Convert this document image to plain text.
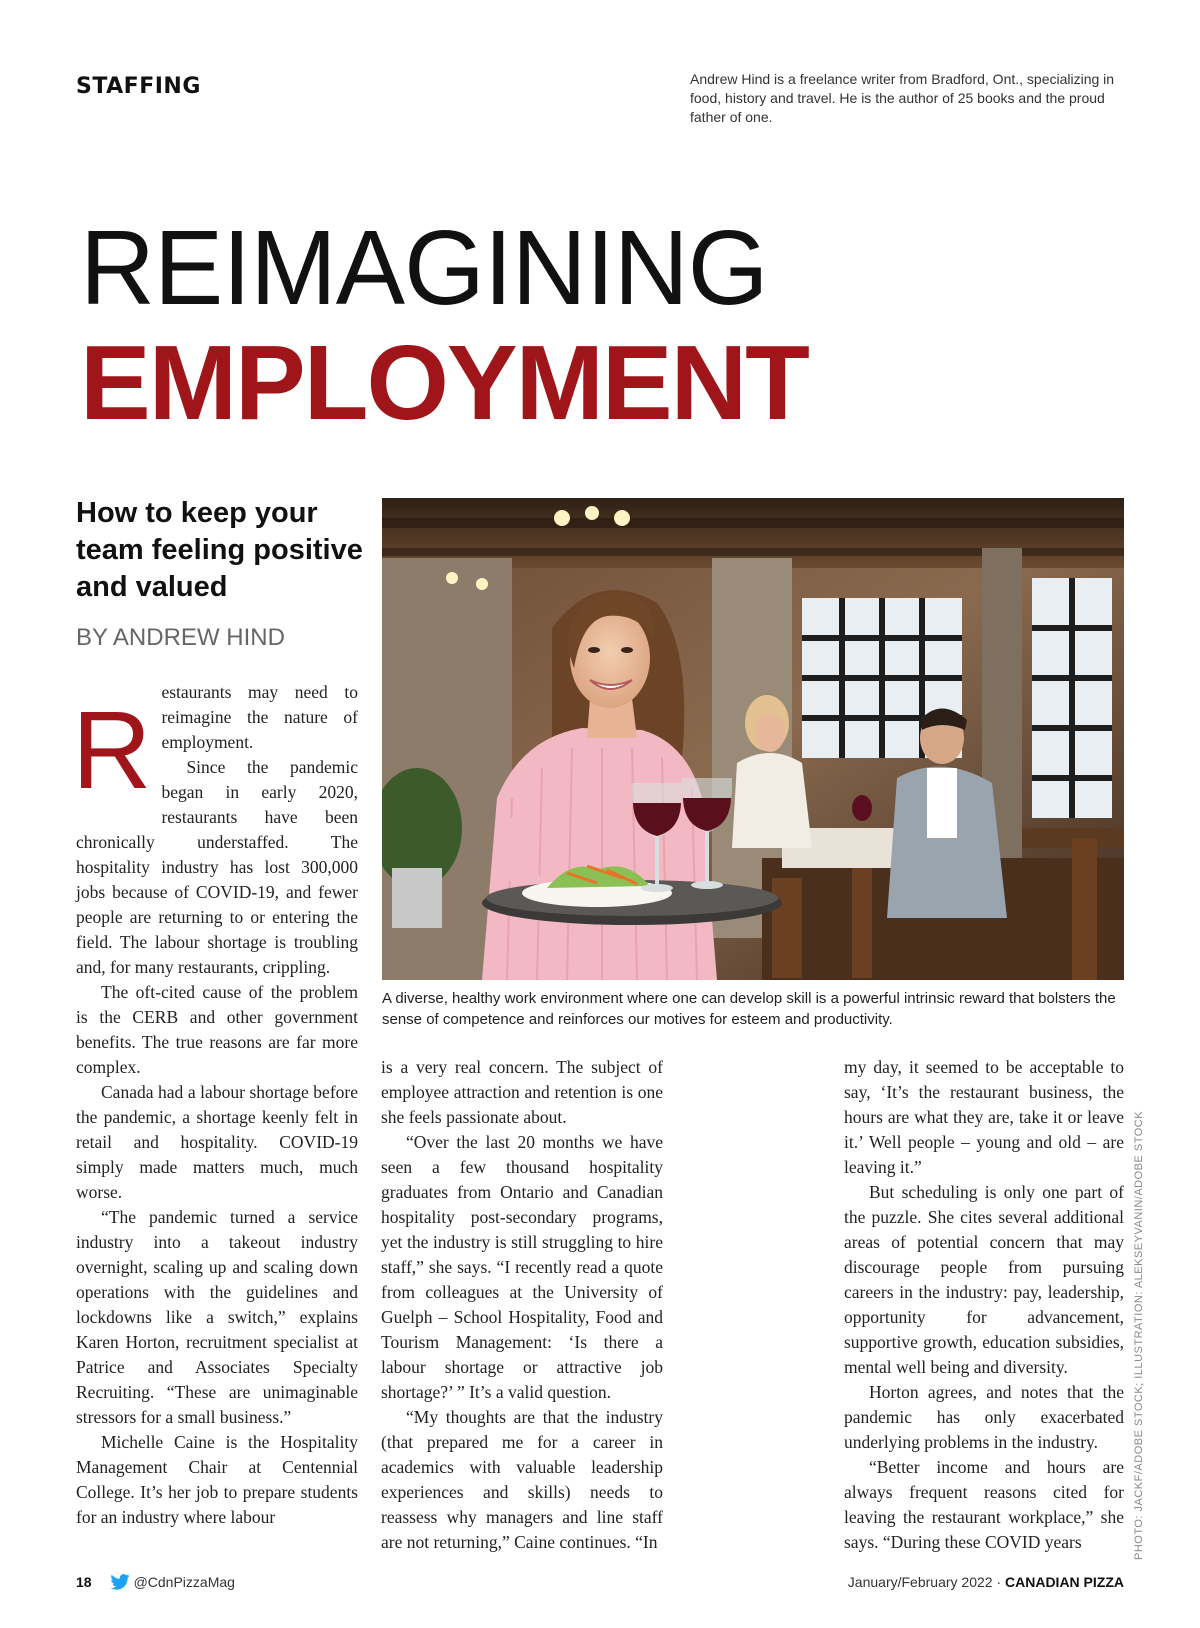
STAFFING	Andrew Hind is a freelance writer from Bradford, Ont., specializing in food, history and travel. He is the author of 25 books and the proud father of one.
REIMAGINING
EMPLOYMENT
How to keep your team feeling positive and valued
BY ANDREW HIND
A diverse, healthy work environment where one can develop skill is a powerful intrinsic reward that bolsters the sense of competence and reinforces our motives for esteem and productivity.
PHOTO: JACKF/ADOBE STOCK; ILLUSTRATION: ALEKSEYVANIN/ADOBE STOCK
R estaurants may need to reimagine the nature of employment.

Since the pandemic began in early 2020, restaurants have been chronically understaffed. The hospitality industry has lost 300,000 jobs because of COVID-19, and fewer people are returning to or entering the field. The labour shortage is troubling and, for many restaurants, crippling.

The oft-cited cause of the problem is the CERB and other government benefits. The true reasons are far more complex.

Canada had a labour shortage before the pandemic, a shortage keenly felt in retail and hospitality. COVID-19 simply made matters much, much worse.

“The pandemic turned a service industry into a takeout industry overnight, scaling up and scaling down operations with the guidelines and lockdowns like a switch,” explains Karen Horton, recruitment specialist at Patrice and Associates Specialty Recruiting. “These are unimaginable stressors for a small business.”

Michelle Caine is the Hospitality Management Chair at Centennial College. It’s her job to prepare students for an industry where labour

is a very real concern. The subject of employee attraction and retention is one she feels passionate about.

“Over the last 20 months we have seen a few thousand hospitality graduates from Ontario and Canadian hospitality post-secondary programs, yet the industry is still struggling to hire staff,” she says. “I recently read a quote from colleagues at the University of Guelph – School Hospitality, Food and Tourism Management: ‘Is there a labour shortage or attractive job shortage?’ ” It’s a valid question.

“My thoughts are that the industry (that prepared me for a career in academics with valuable leadership experiences and skills) needs to reassess why managers and line staff are not returning,” Caine continues. “In

my day, it seemed to be acceptable to say, ‘It’s the restaurant business, the hours are what they are, take it or leave it.’ Well people – young and old – are leaving it.”

But scheduling is only one part of the puzzle. She cites several additional areas of potential concern that may discourage people from pursuing careers in the industry: pay, leadership, opportunity for advancement, supportive growth, education subsidies, mental well being and diversity.

Horton agrees, and notes that the pandemic has only exacerbated underlying problems in the industry.

“Better income and hours are always frequent reasons cited for leaving the restaurant workplace,” she says. “During these COVID years

18	@CdnPizzaMag	January/February 2022 · CANADIAN PIZZA
